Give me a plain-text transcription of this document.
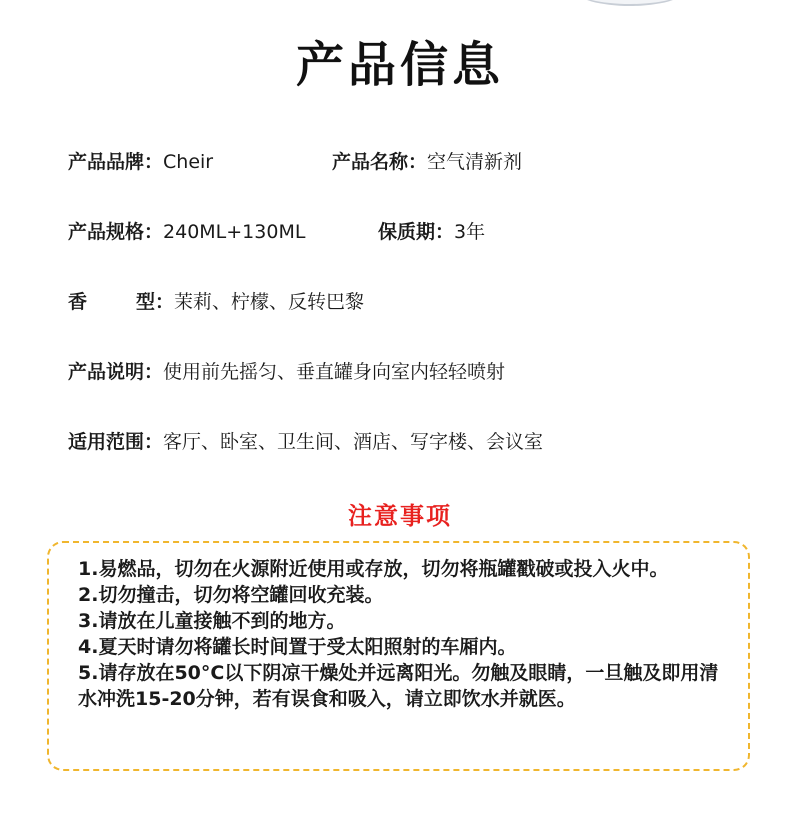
产品信息
产品品牌：Cheir	产品名称：空气清新剂
产品规格：240ML+130ML	保质期：3年
香	型：茉莉、柠檬、反转巴黎
产品说明：使用前先摇匀、垂直罐身向室内轻轻喷射
适用范围：客厅、卧室、卫生间、酒店、写字楼、会议室
注意事项
1.易燃品，切勿在火源附近使用或存放，切勿将瓶罐戳破或投入火中。
2.切勿撞击，切勿将空罐回收充装。
3.请放在儿童接触不到的地方。
4.夏天时请勿将罐长时间置于受太阳照射的车厢内。
5.请存放在50°C以下阴凉干燥处并远离阳光。勿触及眼睛，一旦触及即用清水冲洗15-20分钟，若有误食和吸入，请立即饮水并就医。
